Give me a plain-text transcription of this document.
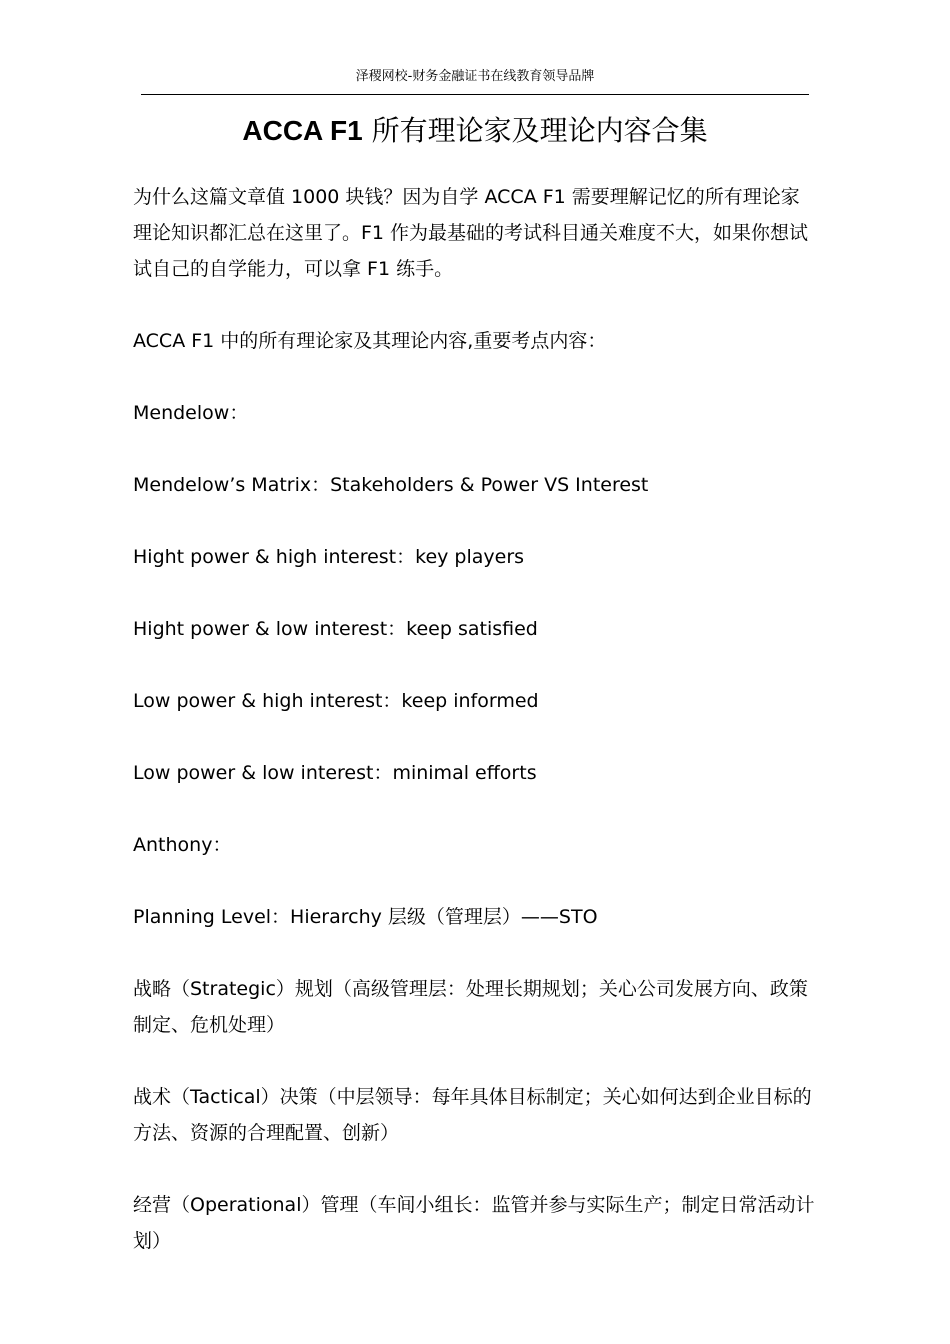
泽稷网校-财务金融证书在线教育领导品牌
ACCA F1 所有理论家及理论内容合集

为什么这篇文章值 1000 块钱？因为自学 ACCA F1 需要理解记忆的所有理论家理论知识都汇总在这里了。F1 作为最基础的考试科目通关难度不大，如果你想试试自己的自学能力，可以拿 F1 练手。

ACCA F1 中的所有理论家及其理论内容,重要考点内容：

Mendelow：

Mendelow’s Matrix：Stakeholders & Power VS Interest

Hight power & high interest：key players

Hight power & low interest：keep satisfied

Low power & high interest：keep informed

Low power & low interest：minimal efforts

Anthony：

Planning Level：Hierarchy 层级（管理层）——STO

战略（Strategic）规划（高级管理层：处理长期规划；关心公司发展方向、政策制定、危机处理）

战术（Tactical）决策（中层领导：每年具体目标制定；关心如何达到企业目标的方法、资源的合理配置、创新）

经营（Operational）管理（车间小组长：监管并参与实际生产；制定日常活动计划）
